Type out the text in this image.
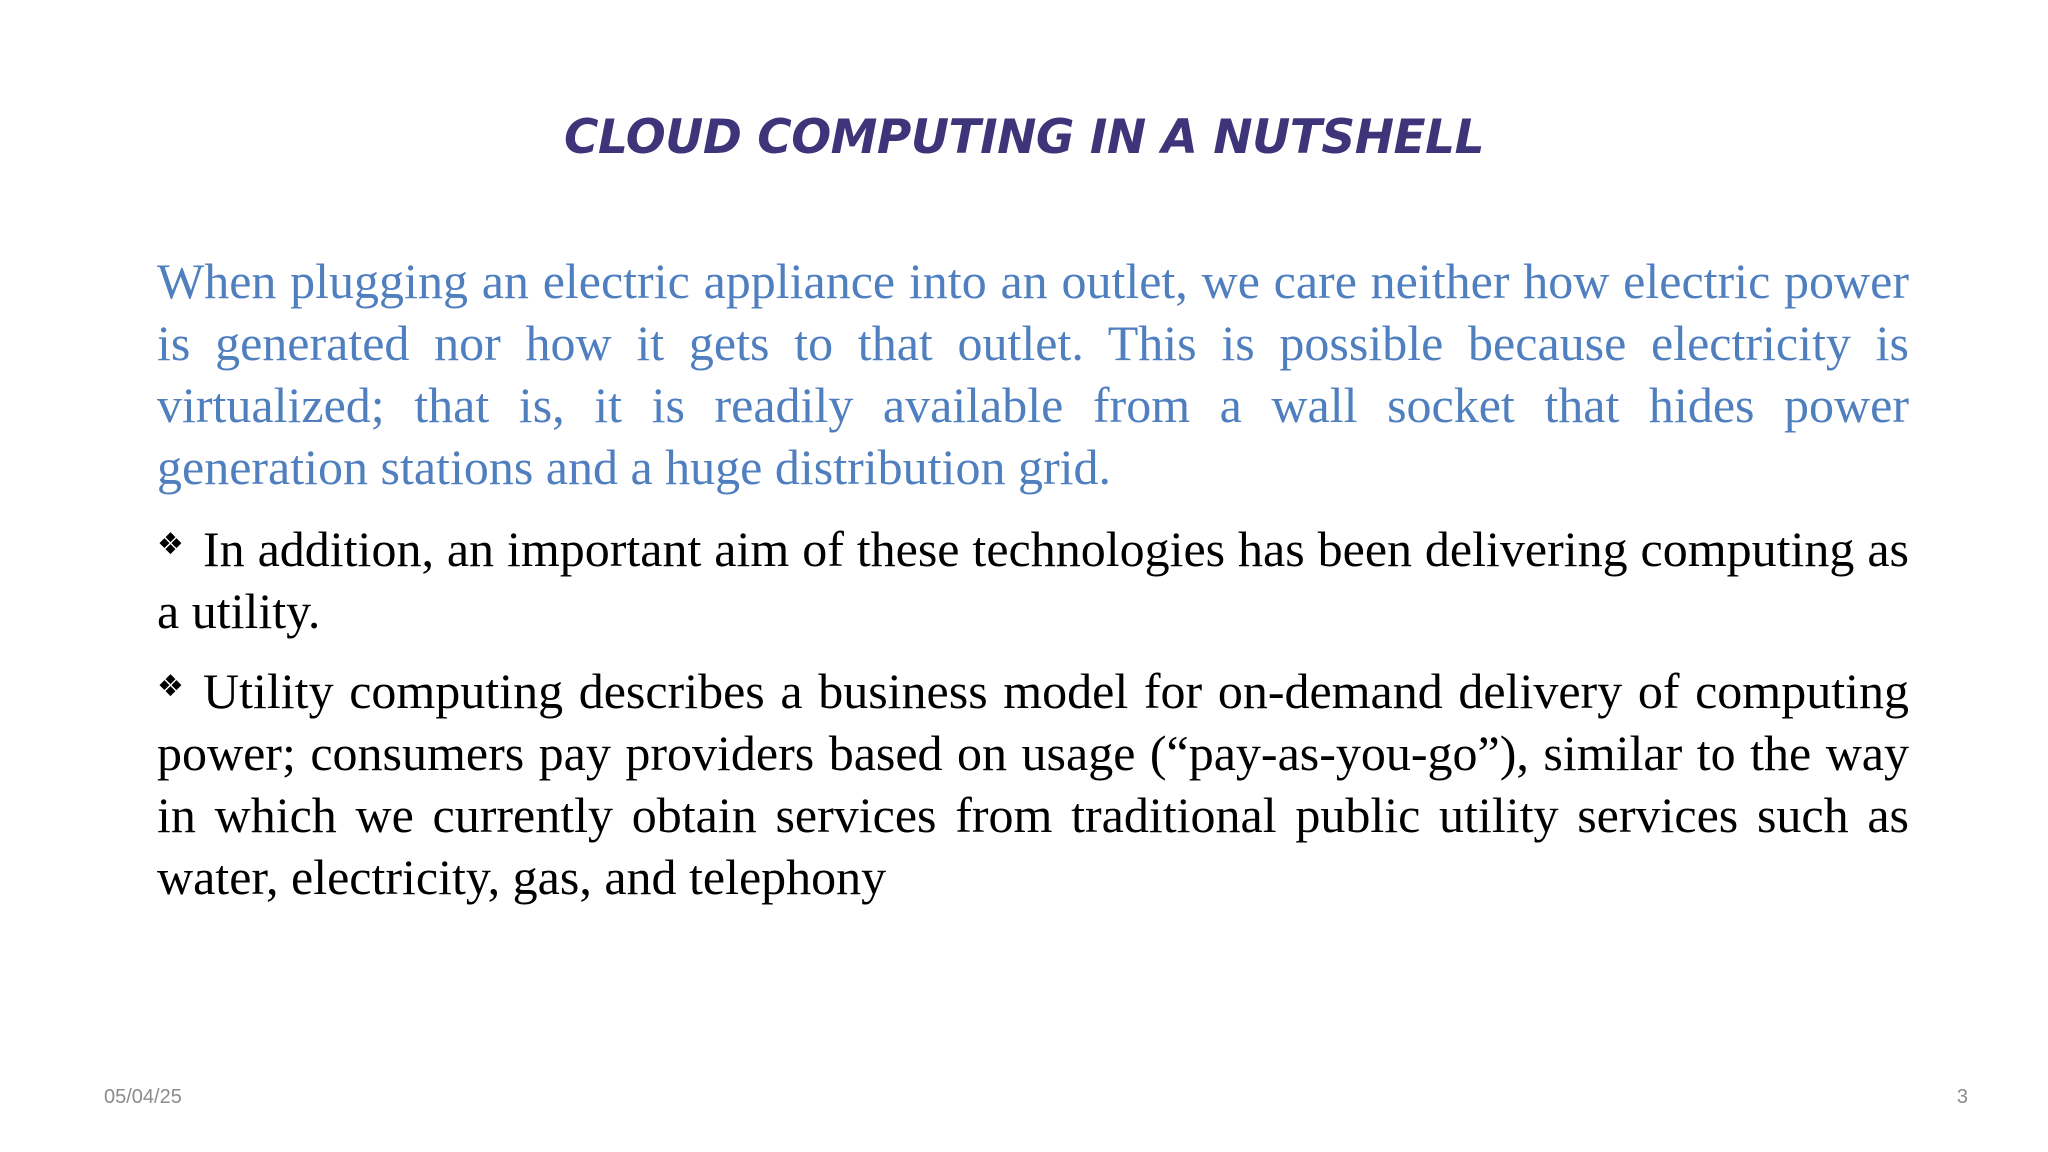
CLOUD COMPUTING IN A NUTSHELL

When plugging an electric appliance into an outlet, we care neither how electric power is generated nor how it gets to that outlet. This is possible because electricity is virtualized; that is, it is readily available from a wall socket that hides power generation stations and a huge distribution grid.

❖ In addition, an important aim of these technologies has been delivering computing as a utility.

❖ Utility computing describes a business model for on-demand delivery of computing power; consumers pay providers based on usage (“pay-as-you-go”), similar to the way in which we currently obtain services from traditional public utility services such as water, electricity, gas, and telephony

05/04/25	3
